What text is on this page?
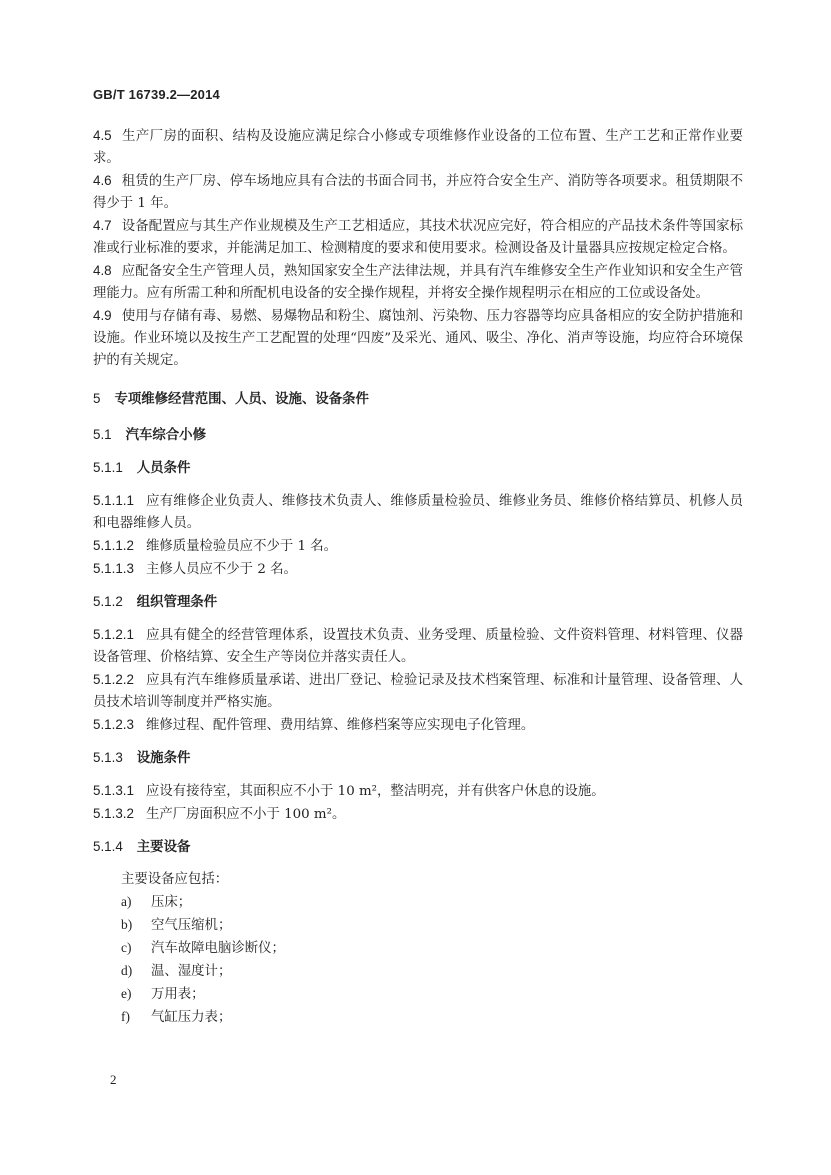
GB/T 16739.2—2014

4.5 生产厂房的面积、结构及设施应满足综合小修或专项维修作业设备的工位布置、生产工艺和正常作业要求。

4.6 租赁的生产厂房、停车场地应具有合法的书面合同书，并应符合安全生产、消防等各项要求。租赁期限不得少于 1 年。

4.7 设备配置应与其生产作业规模及生产工艺相适应，其技术状况应完好，符合相应的产品技术条件等国家标准或行业标准的要求，并能满足加工、检测精度的要求和使用要求。检测设备及计量器具应按规定检定合格。

4.8 应配备安全生产管理人员，熟知国家安全生产法律法规，并具有汽车维修安全生产作业知识和安全生产管理能力。应有所需工种和所配机电设备的安全操作规程，并将安全操作规程明示在相应的工位或设备处。

4.9 使用与存储有毒、易燃、易爆物品和粉尘、腐蚀剂、污染物、压力容器等均应具备相应的安全防护措施和设施。作业环境以及按生产工艺配置的处理“四废”及采光、通风、吸尘、净化、消声等设施，均应符合环境保护的有关规定。

5 专项维修经营范围、人员、设施、设备条件

5.1 汽车综合小修

5.1.1 人员条件

5.1.1.1 应有维修企业负责人、维修技术负责人、维修质量检验员、维修业务员、维修价格结算员、机修人员和电器维修人员。

5.1.1.2 维修质量检验员应不少于 1 名。

5.1.1.3 主修人员应不少于 2 名。

5.1.2 组织管理条件

5.1.2.1 应具有健全的经营管理体系，设置技术负责、业务受理、质量检验、文件资料管理、材料管理、仪器设备管理、价格结算、安全生产等岗位并落实责任人。

5.1.2.2 应具有汽车维修质量承诺、进出厂登记、检验记录及技术档案管理、标准和计量管理、设备管理、人员技术培训等制度并严格实施。

5.1.2.3 维修过程、配件管理、费用结算、维修档案等应实现电子化管理。

5.1.3 设施条件

5.1.3.1 应设有接待室，其面积应不小于 10 m²，整洁明亮，并有供客户休息的设施。

5.1.3.2 生产厂房面积应不小于 100 m²。

5.1.4 主要设备

主要设备应包括：

a) 压床；

b) 空气压缩机；

c) 汽车故障电脑诊断仪；

d) 温、湿度计；

e) 万用表；

f) 气缸压力表；

2
